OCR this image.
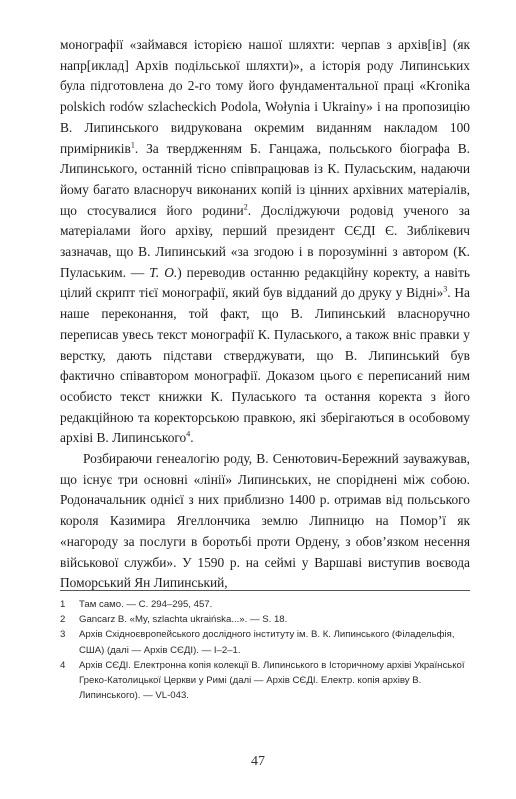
монографії «займався історією нашої шляхти: черпав з архів[ів] (як напр[иклад] Архів подільської шляхти)», а історія роду Липинських була підготовлена до 2-го тому його фундаментальної праці «Kronika polskich rodów szlacheckich Podola, Wołynia i Ukrainy» і на пропозицію В. Липинського видрукована окремим виданням накладом 100 примірників$^1$. За твердженням Б. Ганцажа, польського біографа В. Липинського, останній тісно співпрацював із К. Пуласьским, надаючи йому багато власноруч виконаних копій із цінних архівних матеріалів, що стосувалися його родини$^2$. Досліджуючи родовід ученого за матеріалами його архіву, перший президент СЄДІ Є. Зиблікевич зазначав, що В. Липинський «за згодою і в порозумінні з автором (К. Пулаським. — Т. О.) переводив останню редакційну коректу, а навіть цілий скрипт тієї монографії, який був відданий до друку у Відні»$^3$. На наше переконання, той факт, що В. Липинський власноручно переписав увесь текст монографії К. Пуласького, а також вніс правки у верстку, дають підстави стверджувати, що В. Липинський був фактично співавтором монографії. Доказом цього є переписаний ним особисто текст книжки К. Пуласького та остання коректа з його редакційною та коректорською правкою, які зберігаються в особовому архіві В. Липинського$^4$.

Розбираючи генеалогію роду, В. Сенютович-Бережний зауважував, що існує три основні «лінії» Липинських, не споріднені між собою. Родоначальник однієї з них приблизно 1400 р. отримав від польського короля Казимира Ягеллончика землю Липницю на Помор’ї як «нагороду за послуги в боротьбі проти Ордену, з обов’язком несення військової служби». У 1590 р. на сеймі у Варшаві виступив воєвода Поморський Ян Липинський,

1	Там само. — С. 294–295, 457.
2	Gancarz B. «My, szlachta ukraińska...». — S. 18.
3	Архів Східноєвропейського дослідного інституту ім. В. К. Липинського (Філадельфія, США) (далі — Архів СЄДІ). — I–2–1.
4	Архів СЄДІ. Електронна копія колекції В. Липинського в Історичному архіві Української Греко-Католицької Церкви у Римі (далі — Архів СЄДІ. Електр. копія архіву В. Липинського). — VL-043.
47
